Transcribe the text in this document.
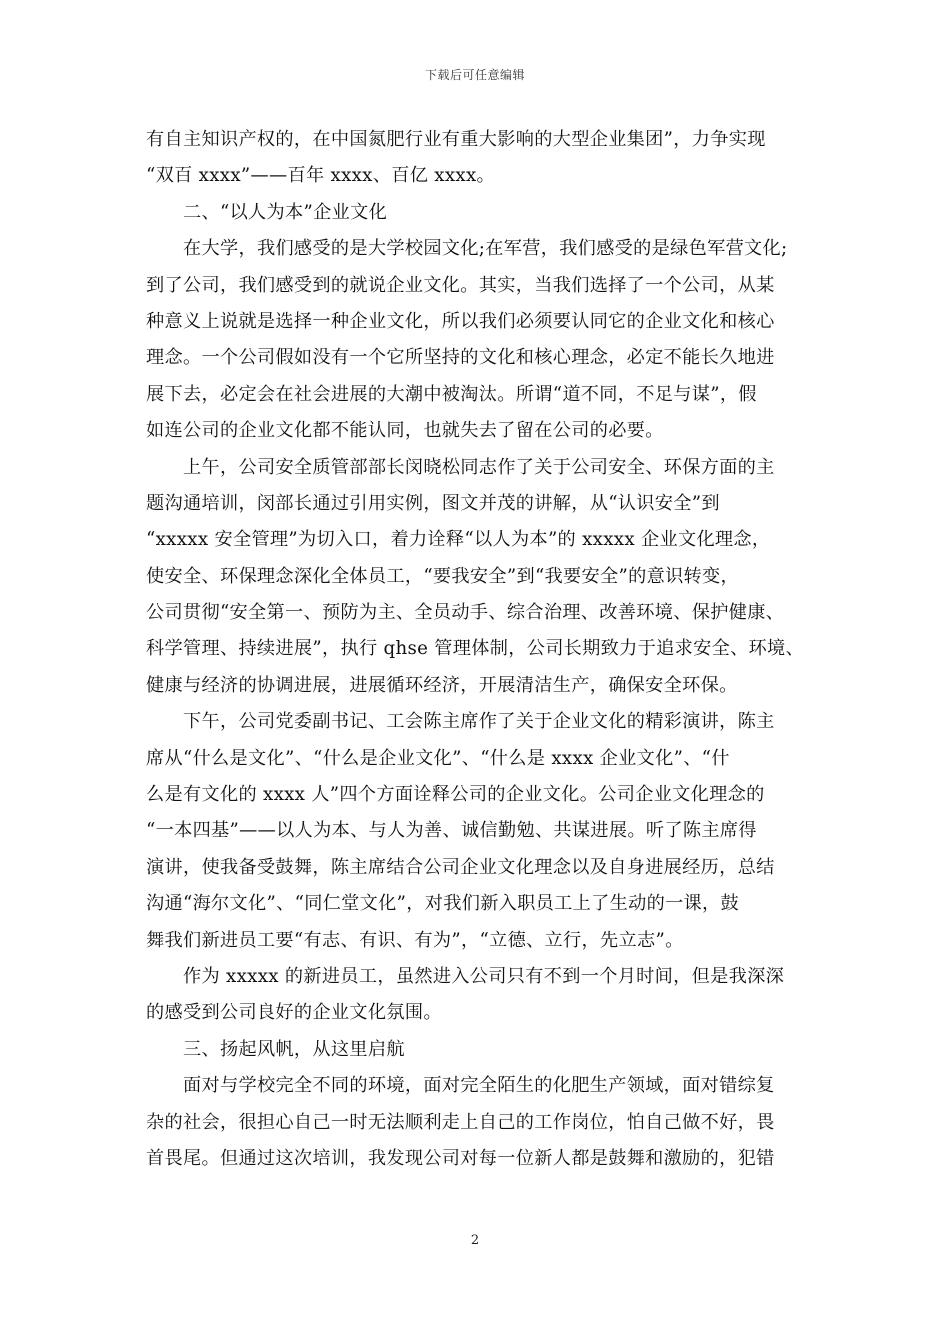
下载后可任意编辑
有自主知识产权的，在中国氮肥行业有重大影响的大型企业集团”，力争实现
“双百 xxxx”——百年 xxxx、百亿 xxxx。
二、“以人为本”企业文化
在大学，我们感受的是大学校园文化;在军营，我们感受的是绿色军营文化;
到了公司，我们感受到的就说企业文化。其实，当我们选择了一个公司，从某
种意义上说就是选择一种企业文化，所以我们必须要认同它的企业文化和核心
理念。一个公司假如没有一个它所坚持的文化和核心理念，必定不能长久地进
展下去，必定会在社会进展的大潮中被淘汰。所谓“道不同，不足与谋”，假
如连公司的企业文化都不能认同，也就失去了留在公司的必要。
上午，公司安全质管部部长闵晓松同志作了关于公司安全、环保方面的主
题沟通培训，闵部长通过引用实例，图文并茂的讲解，从“认识安全”到
“xxxxx 安全管理”为切入口，着力诠释“以人为本”的 xxxxx 企业文化理念，
使安全、环保理念深化全体员工，“要我安全”到“我要安全”的意识转变，
公司贯彻“安全第一、预防为主、全员动手、综合治理、改善环境、保护健康、
科学管理、持续进展”，执行 qhse 管理体制，公司长期致力于追求安全、环境、
健康与经济的协调进展，进展循环经济，开展清洁生产，确保安全环保。
下午，公司党委副书记、工会陈主席作了关于企业文化的精彩演讲，陈主
席从“什么是文化”、“什么是企业文化”、“什么是 xxxx 企业文化”、“什
么是有文化的 xxxx 人”四个方面诠释公司的企业文化。公司企业文化理念的
“一本四基”——以人为本、与人为善、诚信勤勉、共谋进展。听了陈主席得
演讲，使我备受鼓舞，陈主席结合公司企业文化理念以及自身进展经历，总结
沟通“海尔文化”、“同仁堂文化”，对我们新入职员工上了生动的一课，鼓
舞我们新进员工要“有志、有识、有为”，“立德、立行，先立志”。
作为 xxxxx 的新进员工，虽然进入公司只有不到一个月时间，但是我深深
的感受到公司良好的企业文化氛围。
三、扬起风帆，从这里启航
面对与学校完全不同的环境，面对完全陌生的化肥生产领域，面对错综复
杂的社会，很担心自己一时无法顺利走上自己的工作岗位，怕自己做不好，畏
首畏尾。但通过这次培训，我发现公司对每一位新人都是鼓舞和激励的，犯错
2
